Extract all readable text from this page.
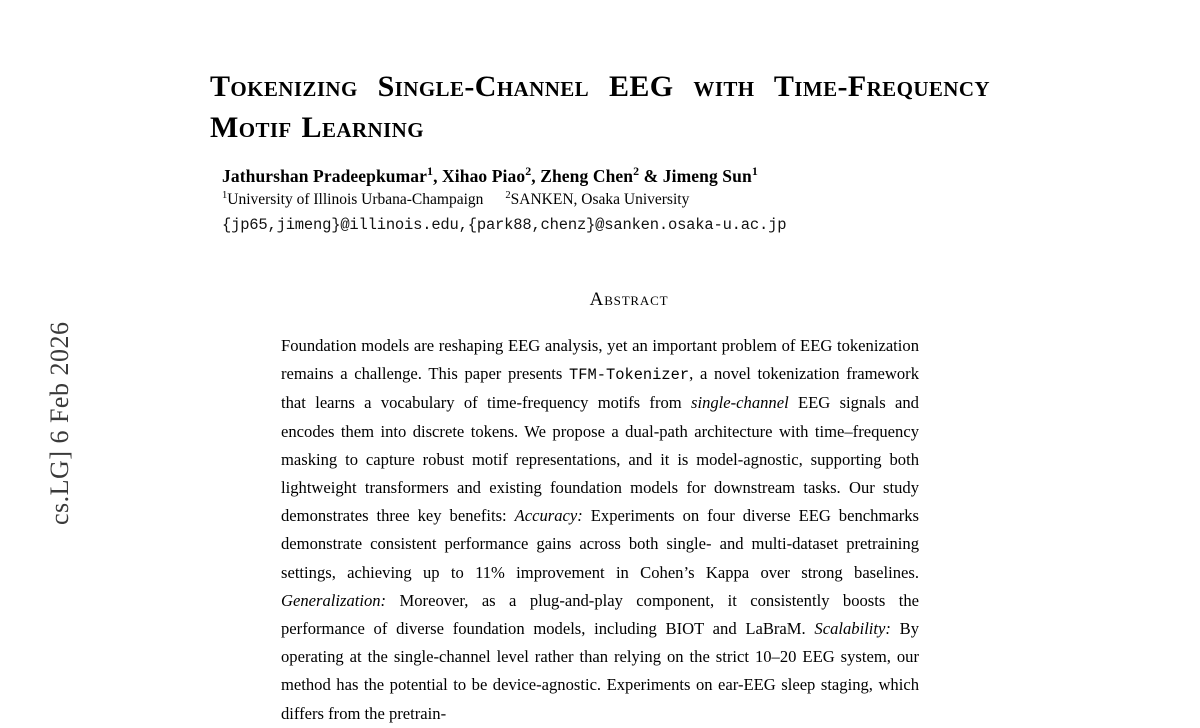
cs.LG] 6 Feb 2026
Tokenizing Single-Channel EEG with Time-Frequency Motif Learning
Jathurshan Pradeepkumar$^1$, Xihao Piao$^2$, Zheng Chen$^2$ & Jimeng Sun$^1$
$^1$University of Illinois Urbana-Champaign $^2$SANKEN, Osaka University
{jp65,jimeng}@illinois.edu,{park88,chenz}@sanken.osaka-u.ac.jp
Abstract
Foundation models are reshaping EEG analysis, yet an important problem of EEG tokenization remains a challenge. This paper presents TFM-Tokenizer, a novel tokenization framework that learns a vocabulary of time-frequency motifs from single-channel EEG signals and encodes them into discrete tokens. We propose a dual-path architecture with time–frequency masking to capture robust motif representations, and it is model-agnostic, supporting both lightweight transformers and existing foundation models for downstream tasks. Our study demonstrates three key benefits: Accuracy: Experiments on four diverse EEG benchmarks demonstrate consistent performance gains across both single- and multi-dataset pretraining settings, achieving up to 11% improvement in Cohen’s Kappa over strong baselines. Generalization: Moreover, as a plug-and-play component, it consistently boosts the performance of diverse foundation models, including BIOT and LaBraM. Scalability: By operating at the single-channel level rather than relying on the strict 10–20 EEG system, our method has the potential to be device-agnostic. Experiments on ear-EEG sleep staging, which differs from the pretrain-
